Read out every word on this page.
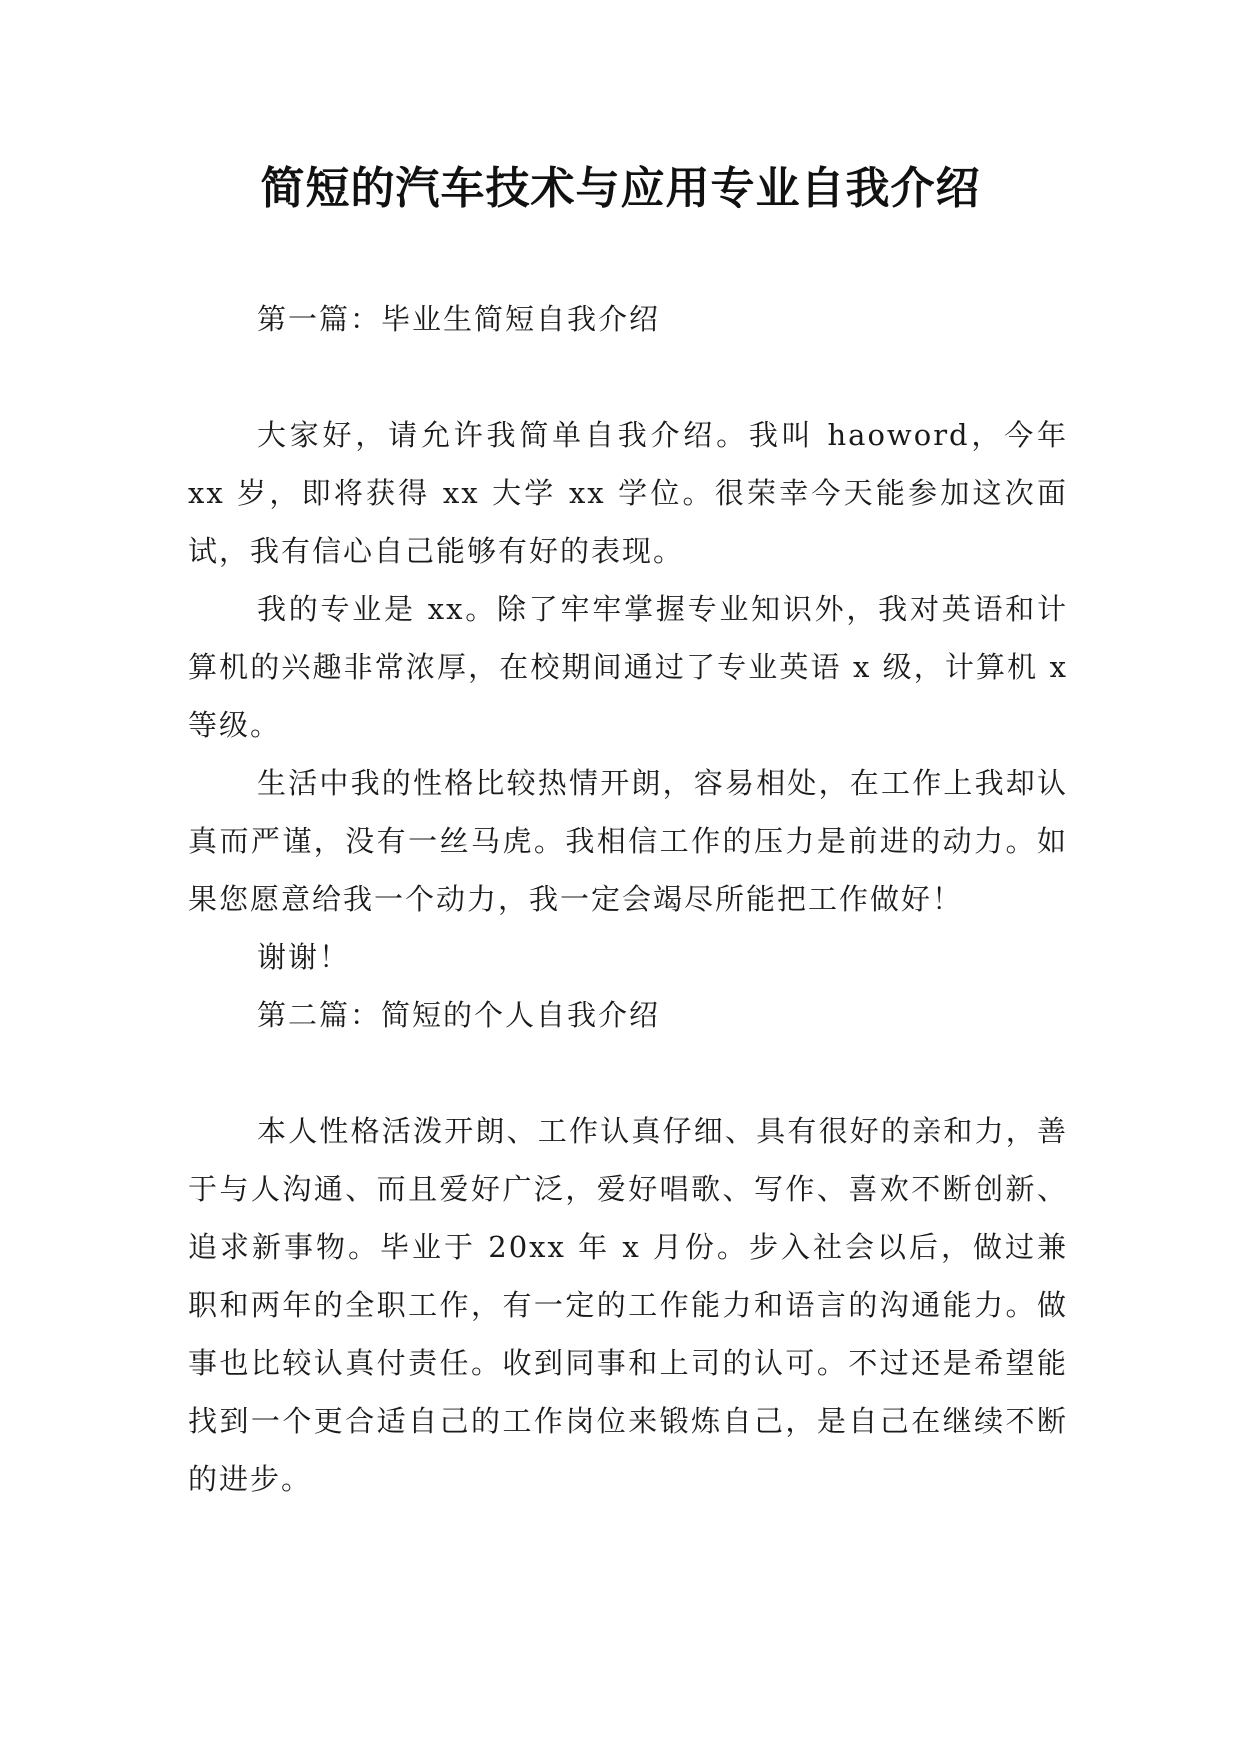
简短的汽车技术与应用专业自我介绍

第一篇：毕业生简短自我介绍

大家好，请允许我简单自我介绍。我叫 haoword，今年 xx 岁，即将获得 xx 大学 xx 学位。很荣幸今天能参加这次面试，我有信心自己能够有好的表现。

我的专业是 xx。除了牢牢掌握专业知识外，我对英语和计算机的兴趣非常浓厚，在校期间通过了专业英语 x 级，计算机 x 等级。

生活中我的性格比较热情开朗，容易相处，在工作上我却认真而严谨，没有一丝马虎。我相信工作的压力是前进的动力。如果您愿意给我一个动力，我一定会竭尽所能把工作做好！

谢谢！

第二篇：简短的个人自我介绍

本人性格活泼开朗、工作认真仔细、具有很好的亲和力，善于与人沟通、而且爱好广泛，爱好唱歌、写作、喜欢不断创新、追求新事物。毕业于 20xx 年 x 月份。步入社会以后，做过兼职和两年的全职工作，有一定的工作能力和语言的沟通能力。做事也比较认真付责任。收到同事和上司的认可。不过还是希望能找到一个更合适自己的工作岗位来锻炼自己，是自己在继续不断的进步。
